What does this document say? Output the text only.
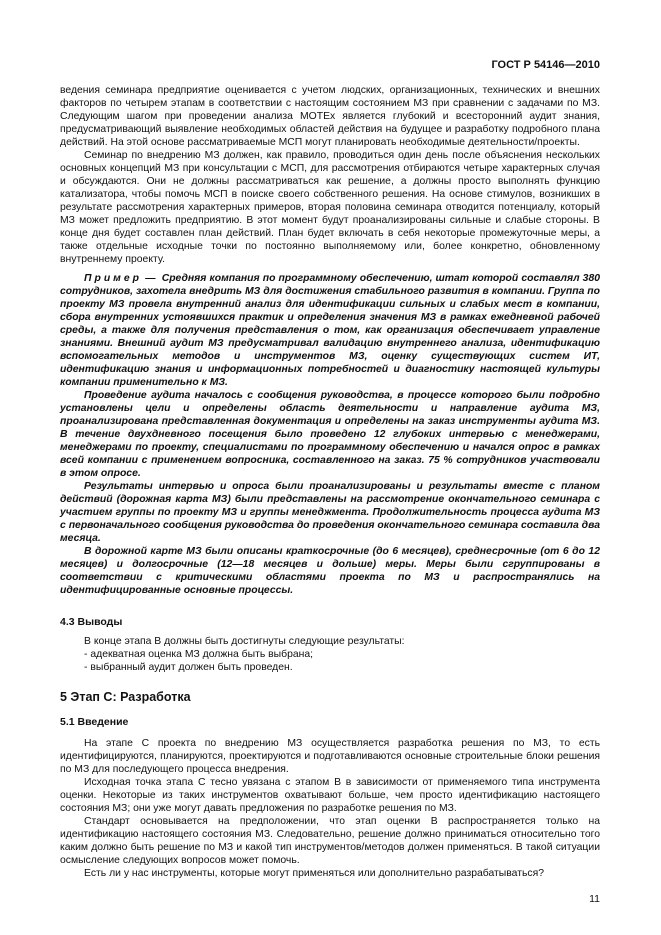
ГОСТ Р 54146—2010

ведения семинара предприятие оценивается с учетом людских, организационных, технических и внешних факторов по четырем этапам в соответствии с настоящим состоянием МЗ при сравнении с задачами по МЗ. Следующим шагом при проведении анализа MOTEx является глубокий и всесторонний аудит знания, предусматривающий выявление необходимых областей действия на будущее и разработку подробного плана действий. На этой основе рассматриваемые МСП могут планировать необходимые деятельности/проекты.

Семинар по внедрению МЗ должен, как правило, проводиться один день после объяснения нескольких основных концепций МЗ при консультации с МСП, для рассмотрения отбираются четыре характерных случая и обсуждаются. Они не должны рассматриваться как решение, а должны просто выполнять функцию катализатора, чтобы помочь МСП в поиске своего собственного решения. На основе стимулов, возникших в результате рассмотрения характерных примеров, вторая половина семинара отводится потенциалу, который МЗ может предложить предприятию. В этот момент будут проанализированы сильные и слабые стороны. В конце дня будет составлен план действий. План будет включать в себя некоторые промежуточные меры, а также отдельные исходные точки по постоянно выполняемому или, более конкретно, обновленному внутреннему проекту.

Пример — Средняя компания по программному обеспечению, штат которой составлял 380 сотрудников, захотела внедрить МЗ для достижения стабильного развития в компании. Группа по проекту МЗ провела внутренний анализ для идентификации сильных и слабых мест в компании, сбора внутренних устоявшихся практик и определения значения МЗ в рамках ежедневной рабочей среды, а также для получения представления о том, как организация обеспечивает управление знаниями. Внешний аудит МЗ предусматривал валидацию внутреннего анализа, идентификацию вспомогательных методов и инструментов МЗ, оценку существующих систем ИТ, идентификацию знания и информационных потребностей и диагностику настоящей культуры компании применительно к МЗ.

Проведение аудита началось с сообщения руководства, в процессе которого были подробно установлены цели и определены область деятельности и направление аудита МЗ, проанализирована представленная документация и определены на заказ инструменты аудита МЗ. В течение двухдневного посещения было проведено 12 глубоких интервью с менеджерами, менеджерами по проекту, специалистами по программному обеспечению и начался опрос в рамках всей компании с применением вопросника, составленного на заказ. 75 % сотрудников участвовали в этом опросе.

Результаты интервью и опроса были проанализированы и результаты вместе с планом действий (дорожная карта МЗ) были представлены на рассмотрение окончательного семинара с участием группы по проекту МЗ и группы менеджмента. Продолжительность процесса аудита МЗ с первоначального сообщения руководства до проведения окончательного семинара составила два месяца.

В дорожной карте МЗ были описаны краткосрочные (до 6 месяцев), среднесрочные (от 6 до 12 месяцев) и долгосрочные (12—18 месяцев и дольше) меры. Меры были сгруппированы в соответствии с критическими областями проекта по МЗ и распространялись на идентифицированные основные процессы.

4.3 Выводы

В конце этапа В должны быть достигнуты следующие результаты:

- адекватная оценка МЗ должна быть выбрана;

- выбранный аудит должен быть проведен.

5 Этап С: Разработка
5.1 Введение

На этапе С проекта по внедрению МЗ осуществляется разработка решения по МЗ, то есть идентифицируются, планируются, проектируются и подготавливаются основные строительные блоки решения по МЗ для последующего процесса внедрения.

Исходная точка этапа С тесно увязана с этапом В в зависимости от применяемого типа инструмента оценки. Некоторые из таких инструментов охватывают больше, чем просто идентификацию настоящего состояния МЗ; они уже могут давать предложения по разработке решения по МЗ.

Стандарт основывается на предположении, что этап оценки В распространяется только на идентификацию настоящего состояния МЗ. Следовательно, решение должно приниматься относительно того каким должно быть решение по МЗ и какой тип инструментов/методов должен применяться. В такой ситуации осмысление следующих вопросов может помочь.

Есть ли у нас инструменты, которые могут применяться или дополнительно разрабатываться?

11
